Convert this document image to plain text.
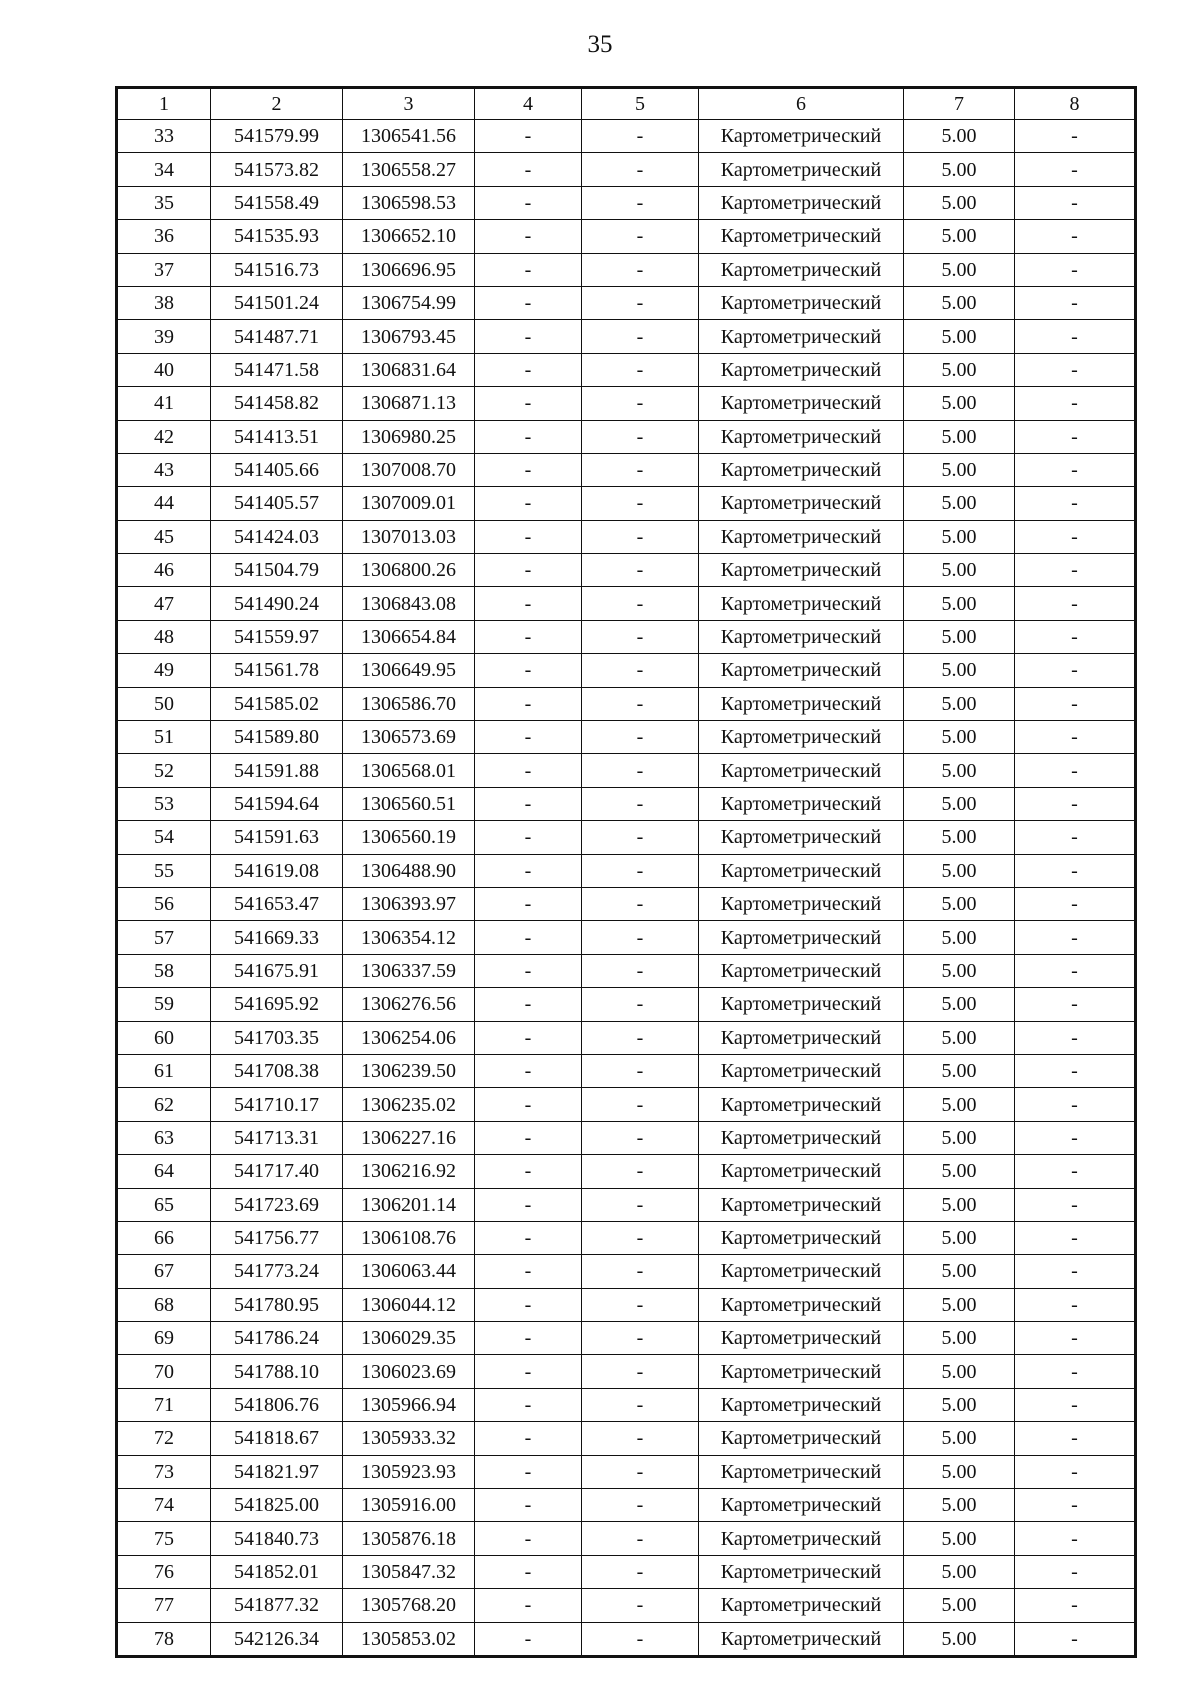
35
1	2	3	4	5	6	7	8
33	541579.99	1306541.56	-	-	Картометрический	5.00	-
34	541573.82	1306558.27	-	-	Картометрический	5.00	-
35	541558.49	1306598.53	-	-	Картометрический	5.00	-
36	541535.93	1306652.10	-	-	Картометрический	5.00	-
37	541516.73	1306696.95	-	-	Картометрический	5.00	-
38	541501.24	1306754.99	-	-	Картометрический	5.00	-
39	541487.71	1306793.45	-	-	Картометрический	5.00	-
40	541471.58	1306831.64	-	-	Картометрический	5.00	-
41	541458.82	1306871.13	-	-	Картометрический	5.00	-
42	541413.51	1306980.25	-	-	Картометрический	5.00	-
43	541405.66	1307008.70	-	-	Картометрический	5.00	-
44	541405.57	1307009.01	-	-	Картометрический	5.00	-
45	541424.03	1307013.03	-	-	Картометрический	5.00	-
46	541504.79	1306800.26	-	-	Картометрический	5.00	-
47	541490.24	1306843.08	-	-	Картометрический	5.00	-
48	541559.97	1306654.84	-	-	Картометрический	5.00	-
49	541561.78	1306649.95	-	-	Картометрический	5.00	-
50	541585.02	1306586.70	-	-	Картометрический	5.00	-
51	541589.80	1306573.69	-	-	Картометрический	5.00	-
52	541591.88	1306568.01	-	-	Картометрический	5.00	-
53	541594.64	1306560.51	-	-	Картометрический	5.00	-
54	541591.63	1306560.19	-	-	Картометрический	5.00	-
55	541619.08	1306488.90	-	-	Картометрический	5.00	-
56	541653.47	1306393.97	-	-	Картометрический	5.00	-
57	541669.33	1306354.12	-	-	Картометрический	5.00	-
58	541675.91	1306337.59	-	-	Картометрический	5.00	-
59	541695.92	1306276.56	-	-	Картометрический	5.00	-
60	541703.35	1306254.06	-	-	Картометрический	5.00	-
61	541708.38	1306239.50	-	-	Картометрический	5.00	-
62	541710.17	1306235.02	-	-	Картометрический	5.00	-
63	541713.31	1306227.16	-	-	Картометрический	5.00	-
64	541717.40	1306216.92	-	-	Картометрический	5.00	-
65	541723.69	1306201.14	-	-	Картометрический	5.00	-
66	541756.77	1306108.76	-	-	Картометрический	5.00	-
67	541773.24	1306063.44	-	-	Картометрический	5.00	-
68	541780.95	1306044.12	-	-	Картометрический	5.00	-
69	541786.24	1306029.35	-	-	Картометрический	5.00	-
70	541788.10	1306023.69	-	-	Картометрический	5.00	-
71	541806.76	1305966.94	-	-	Картометрический	5.00	-
72	541818.67	1305933.32	-	-	Картометрический	5.00	-
73	541821.97	1305923.93	-	-	Картометрический	5.00	-
74	541825.00	1305916.00	-	-	Картометрический	5.00	-
75	541840.73	1305876.18	-	-	Картометрический	5.00	-
76	541852.01	1305847.32	-	-	Картометрический	5.00	-
77	541877.32	1305768.20	-	-	Картометрический	5.00	-
78	542126.34	1305853.02	-	-	Картометрический	5.00	-
